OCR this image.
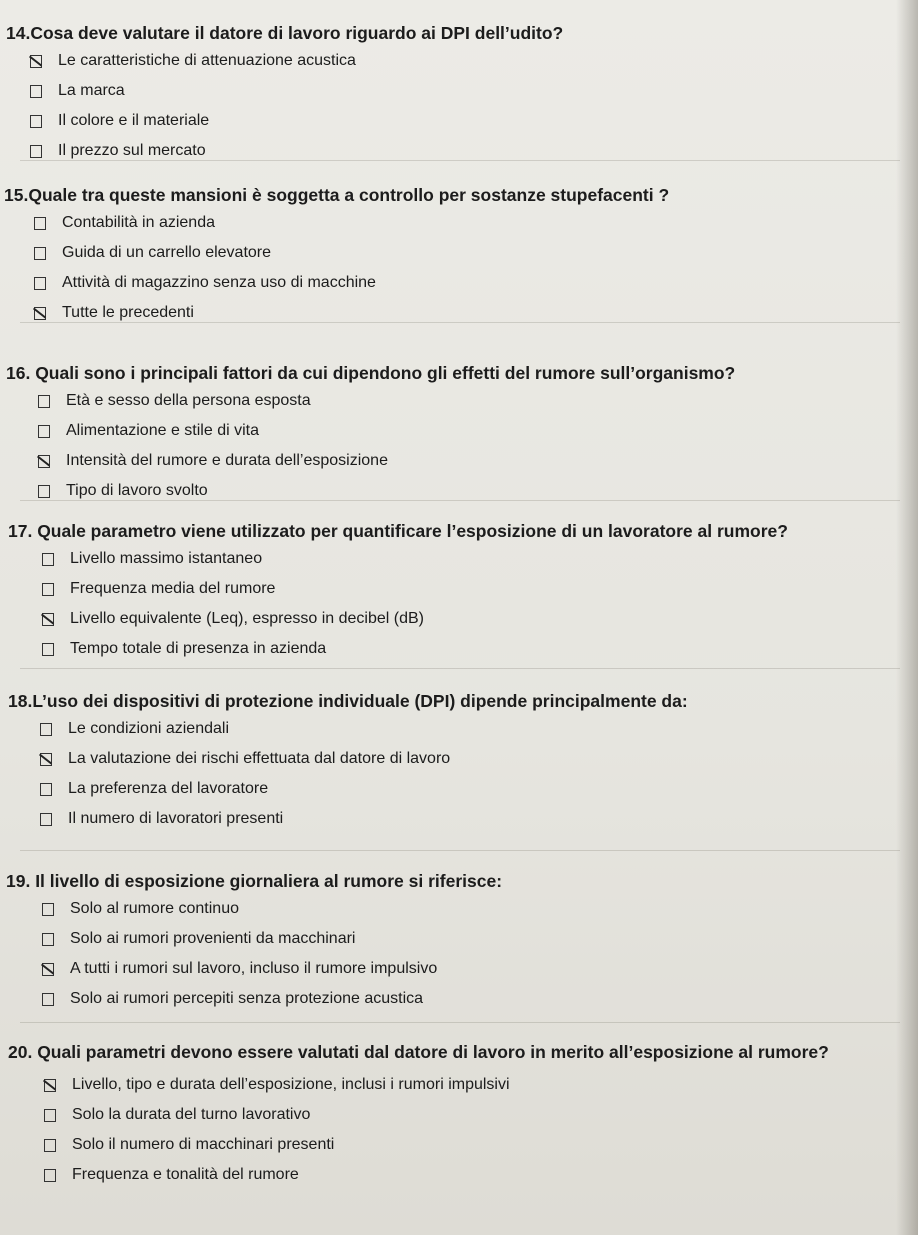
14.Cosa deve valutare il datore di lavoro riguardo ai DPI dell’udito?

Le caratteristiche di attenuazione acustica
La marca
Il colore e il materiale
Il prezzo sul mercato

15.Quale tra queste mansioni è soggetta a controllo per sostanze stupefacenti ?

Contabilità in azienda
Guida di un carrello elevatore
Attività di magazzino senza uso di macchine
Tutte le precedenti

16. Quali sono i principali fattori da cui dipendono gli effetti del rumore sull’organismo?

Età e sesso della persona esposta
Alimentazione e stile di vita
Intensità del rumore e durata dell’esposizione
Tipo di lavoro svolto

17. Quale parametro viene utilizzato per quantificare l’esposizione di un lavoratore al rumore?

Livello massimo istantaneo
Frequenza media del rumore
Livello equivalente (Leq), espresso in decibel (dB)
Tempo totale di presenza in azienda

18.L’uso dei dispositivi di protezione individuale (DPI) dipende principalmente da:

Le condizioni aziendali
La valutazione dei rischi effettuata dal datore di lavoro
La preferenza del lavoratore
Il numero di lavoratori presenti

19. Il livello di esposizione giornaliera al rumore si riferisce:

Solo al rumore continuo
Solo ai rumori provenienti da macchinari
A tutti i rumori sul lavoro, incluso il rumore impulsivo
Solo ai rumori percepiti senza protezione acustica

20. Quali parametri devono essere valutati dal datore di lavoro in merito all’esposizione al rumore?

Livello, tipo e durata dell’esposizione, inclusi i rumori impulsivi
Solo la durata del turno lavorativo
Solo il numero di macchinari presenti
Frequenza e tonalità del rumore
